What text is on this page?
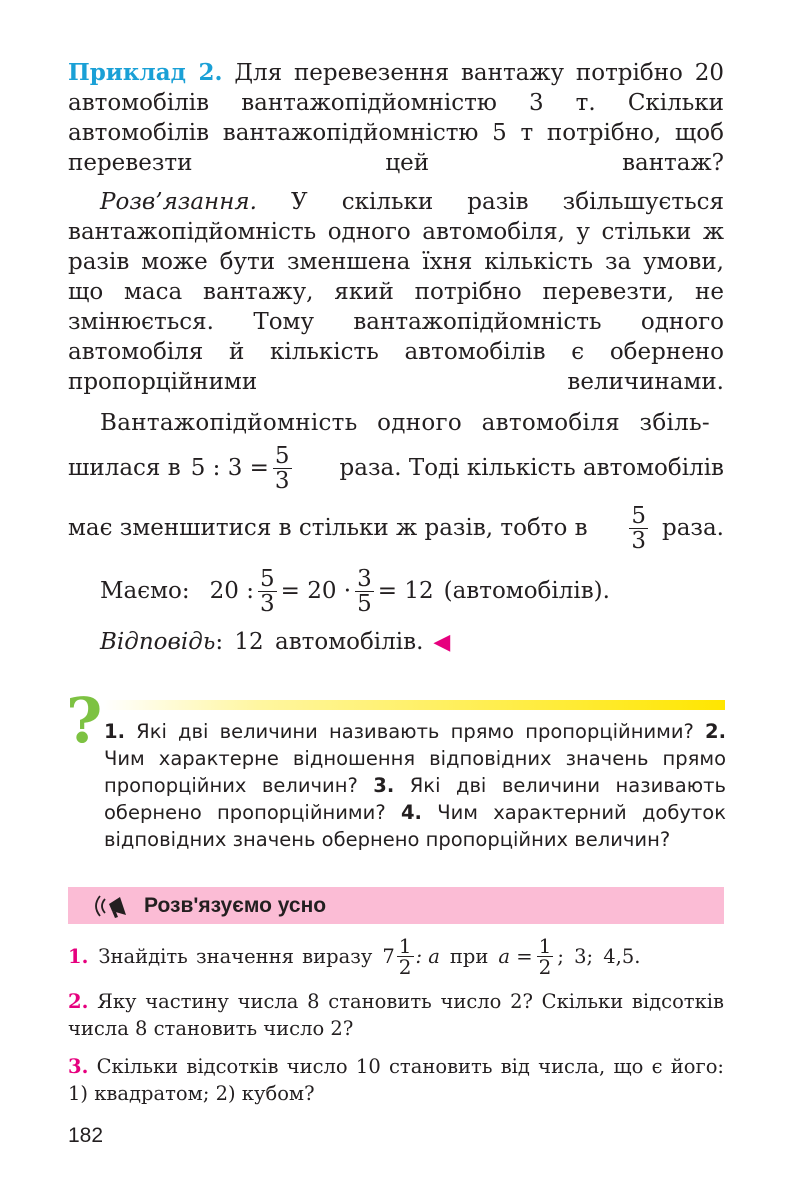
Приклад 2. Для перевезення вантажу потрібно 20 автомобілів вантажопідйомністю 3 т. Скільки автомобілів вантажопідйомністю 5 т потрібно, щоб перевезти цей вантаж?

Розв’язання. У скільки разів збільшується вантажопідйомність одного автомобіля, у стільки ж разів може бути зменшена їхня кількість за умови, що маса вантажу, який потрібно перевезти, не змінюється. Тому вантажопідйомність одного автомобіля й кількість автомобілів є обернено пропорційними величинами.

Вантажопідйомність одного автомобіля збіль-
шилася в 5 : $3 = \frac{5}{3}$ раза. Тоді кількість автомобілів
має зменшитися в стільки ж разів, тобто в $\frac{5}{3}$ раза.
Маємо: 20 : $\frac{5}{3} = 20 \cdot \frac{3}{5} = 12$ (автомобілів).
Відповідь : 12 автомобілів. ◀
? 1. Які дві величини називають прямо пропорційними? 2. Чим характерне відношення відповідних значень прямо пропорційних величин? 3. Які дві величини називають обернено пропорційними? 4. Чим характерний добуток відповідних значень обернено пропорційних величин?

Розв'язуємо усно
1. Знайдіть значення виразу $7 \frac{1}{2}$ : a при $a = \frac{1}{2}$ ; 3; 4,5.

2. Яку частину числа 8 становить число 2? Скільки відсотків числа 8 становить число 2?

3. Скільки відсотків число 10 становить від числа, що є його: 1) квадратом; 2) кубом?

182
